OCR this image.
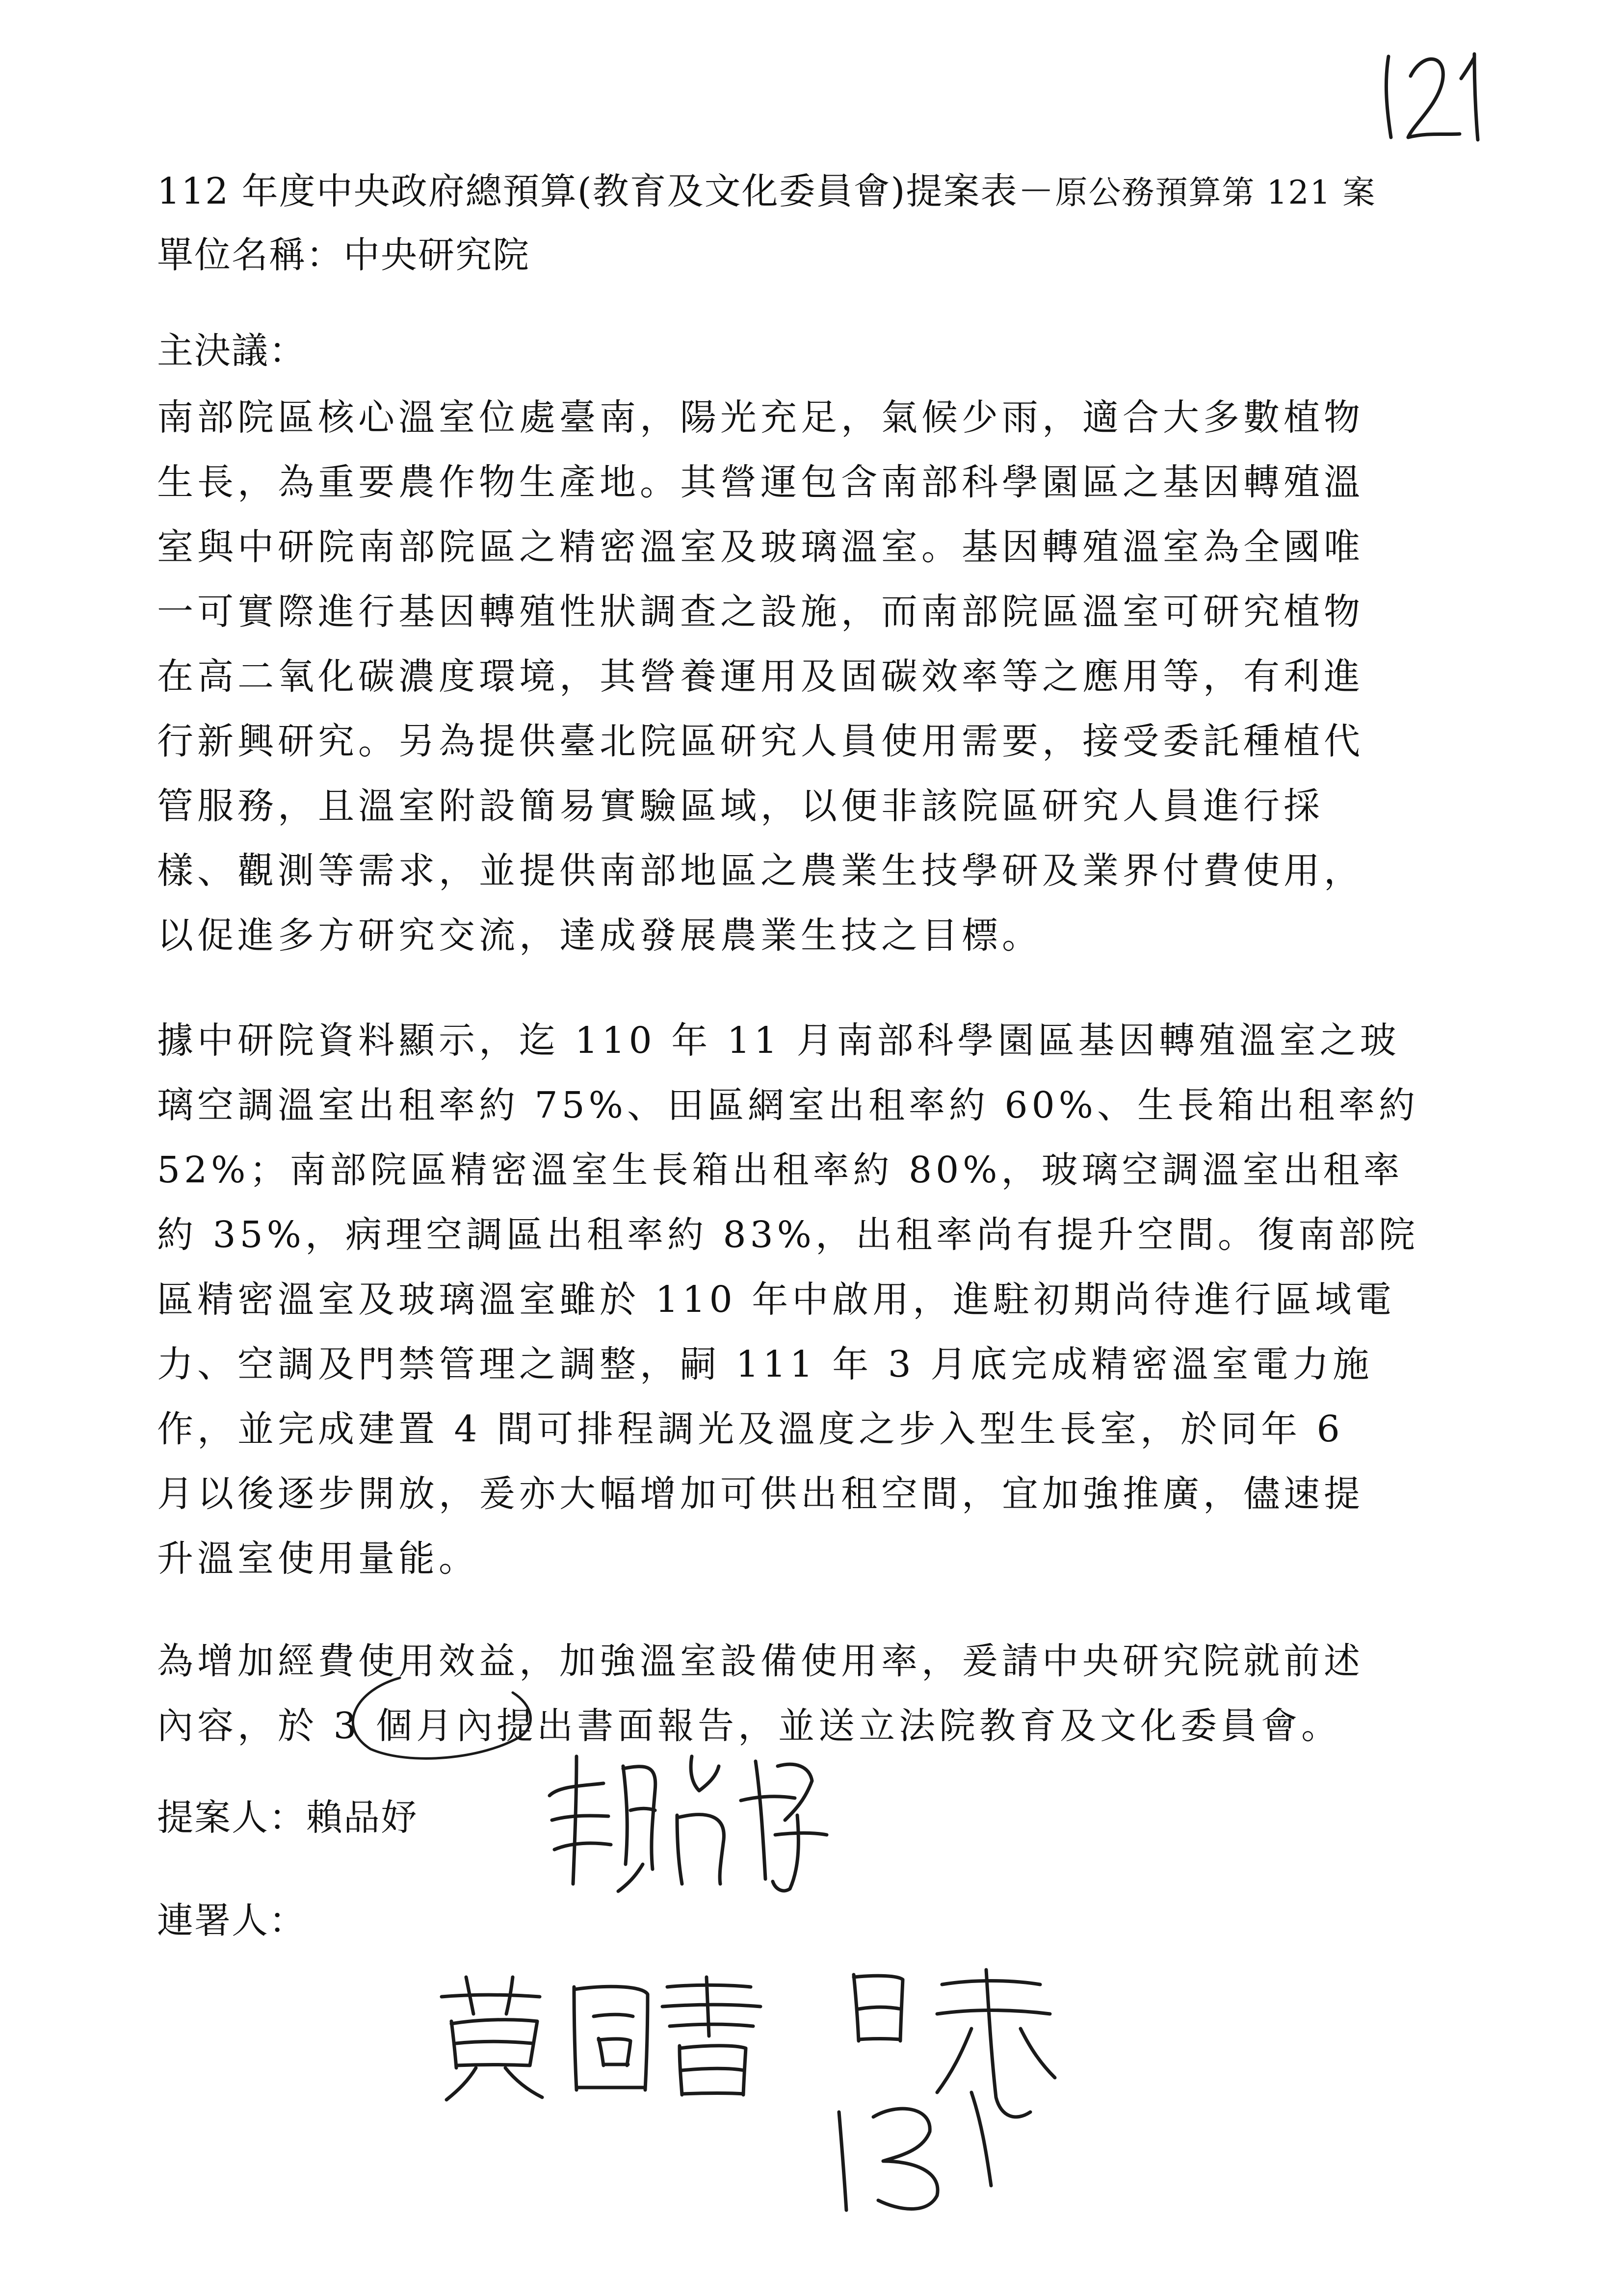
112 年度中央政府總預算(教育及文化委員會)提案表－原公務預算第 121 案
單位名稱：中央研究院
主決議：
南部院區核心溫室位處臺南，陽光充足，氣候少雨，適合大多數植物
生長，為重要農作物生產地。其營運包含南部科學園區之基因轉殖溫
室與中研院南部院區之精密溫室及玻璃溫室。基因轉殖溫室為全國唯
一可實際進行基因轉殖性狀調查之設施，而南部院區溫室可研究植物
在高二氧化碳濃度環境，其營養運用及固碳效率等之應用等，有利進
行新興研究。另為提供臺北院區研究人員使用需要，接受委託種植代
管服務，且溫室附設簡易實驗區域，以便非該院區研究人員進行採
樣、觀測等需求，並提供南部地區之農業生技學研及業界付費使用，
以促進多方研究交流，達成發展農業生技之目標。
據中研院資料顯示，迄 110 年 11 月南部科學園區基因轉殖溫室之玻
璃空調溫室出租率約 75%、田區網室出租率約 60%、生長箱出租率約
52%；南部院區精密溫室生長箱出租率約 80%，玻璃空調溫室出租率
約 35%，病理空調區出租率約 83%，出租率尚有提升空間。復南部院
區精密溫室及玻璃溫室雖於 110 年中啟用，進駐初期尚待進行區域電
力、空調及門禁管理之調整，嗣 111 年 3 月底完成精密溫室電力施
作，並完成建置 4 間可排程調光及溫度之步入型生長室，於同年 6
月以後逐步開放，爰亦大幅增加可供出租空間，宜加強推廣，儘速提
升溫室使用量能。
為增加經費使用效益，加強溫室設備使用率，爰請中央研究院就前述
內容，於 3 個月內提出書面報告，並送立法院教育及文化委員會。
提案人：賴品妤
連署人：
